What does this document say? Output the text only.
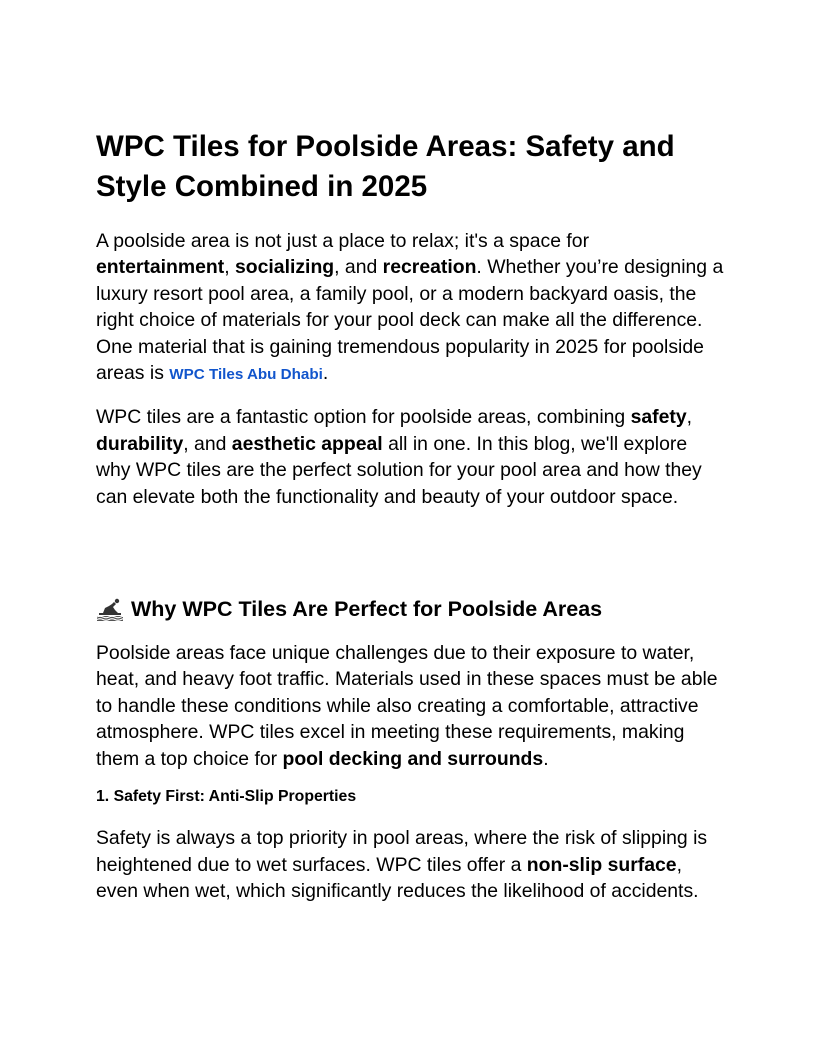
WPC Tiles for Poolside Areas: Safety and Style Combined in 2025

A poolside area is not just a place to relax; it's a space for entertainment, socializing, and recreation. Whether you’re designing a luxury resort pool area, a family pool, or a modern backyard oasis, the right choice of materials for your pool deck can make all the difference. One material that is gaining tremendous popularity in 2025 for poolside areas is WPC Tiles Abu Dhabi.

WPC tiles are a fantastic option for poolside areas, combining safety, durability, and aesthetic appeal all in one. In this blog, we'll explore why WPC tiles are the perfect solution for your pool area and how they can elevate both the functionality and beauty of your outdoor space.

Why WPC Tiles Are Perfect for Poolside Areas

Poolside areas face unique challenges due to their exposure to water, heat, and heavy foot traffic. Materials used in these spaces must be able to handle these conditions while also creating a comfortable, attractive atmosphere. WPC tiles excel in meeting these requirements, making them a top choice for pool decking and surrounds.

1. Safety First: Anti-Slip Properties

Safety is always a top priority in pool areas, where the risk of slipping is heightened due to wet surfaces. WPC tiles offer a non-slip surface, even when wet, which significantly reduces the likelihood of accidents.
